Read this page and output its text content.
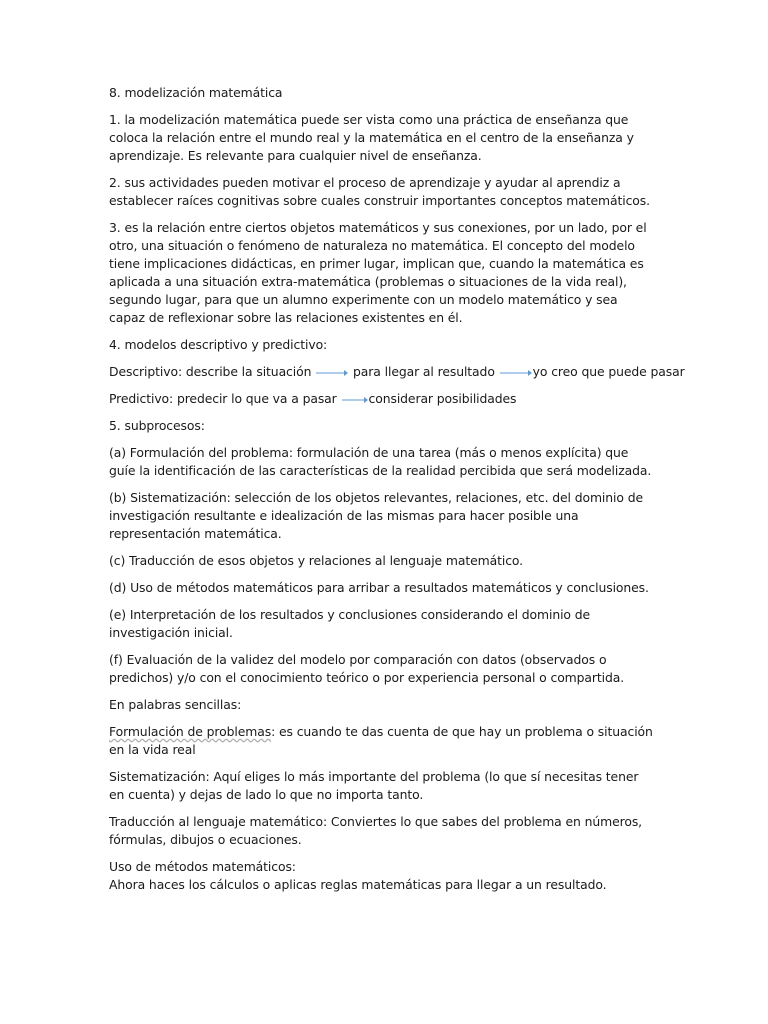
8. modelización matemática

1. la modelización matemática puede ser vista como una práctica de enseñanza que coloca la relación entre el mundo real y la matemática en el centro de la enseñanza y aprendizaje. Es relevante para cualquier nivel de enseñanza.

2. sus actividades pueden motivar el proceso de aprendizaje y ayudar al aprendiz a establecer raíces cognitivas sobre cuales construir importantes conceptos matemáticos.

3. es la relación entre ciertos objetos matemáticos y sus conexiones, por un lado, por el otro, una situación o fenómeno de naturaleza no matemática. El concepto del modelo tiene implicaciones didácticas, en primer lugar, implican que, cuando la matemática es aplicada a una situación extra-matemática (problemas o situaciones de la vida real), segundo lugar, para que un alumno experimente con un modelo matemático y sea capaz de reflexionar sobre las relaciones existentes en él.

4. modelos descriptivo y predictivo:

Descriptivo: describe la situación	para llegar al resultado	yo creo que puede pasar

Predictivo: predecir lo que va a pasar	considerar posibilidades

5. subprocesos:

(a) Formulación del problema: formulación de una tarea (más o menos explícita) que guíe la identificación de las características de la realidad percibida que será modelizada.

(b) Sistematización: selección de los objetos relevantes, relaciones, etc. del dominio de investigación resultante e idealización de las mismas para hacer posible una representación matemática.

(c) Traducción de esos objetos y relaciones al lenguaje matemático.

(d) Uso de métodos matemáticos para arribar a resultados matemáticos y conclusiones.

(e) Interpretación de los resultados y conclusiones considerando el dominio de investigación inicial.

(f) Evaluación de la validez del modelo por comparación con datos (observados o predichos) y/o con el conocimiento teórico o por experiencia personal o compartida.

En palabras sencillas:

Formulación de problemas: es cuando te das cuenta de que hay un problema o situación en la vida real

Sistematización: Aquí eliges lo más importante del problema (lo que sí necesitas tener en cuenta) y dejas de lado lo que no importa tanto.

Traducción al lenguaje matemático: Conviertes lo que sabes del problema en números, fórmulas, dibujos o ecuaciones.

Uso de métodos matemáticos:

Ahora haces los cálculos o aplicas reglas matemáticas para llegar a un resultado.
